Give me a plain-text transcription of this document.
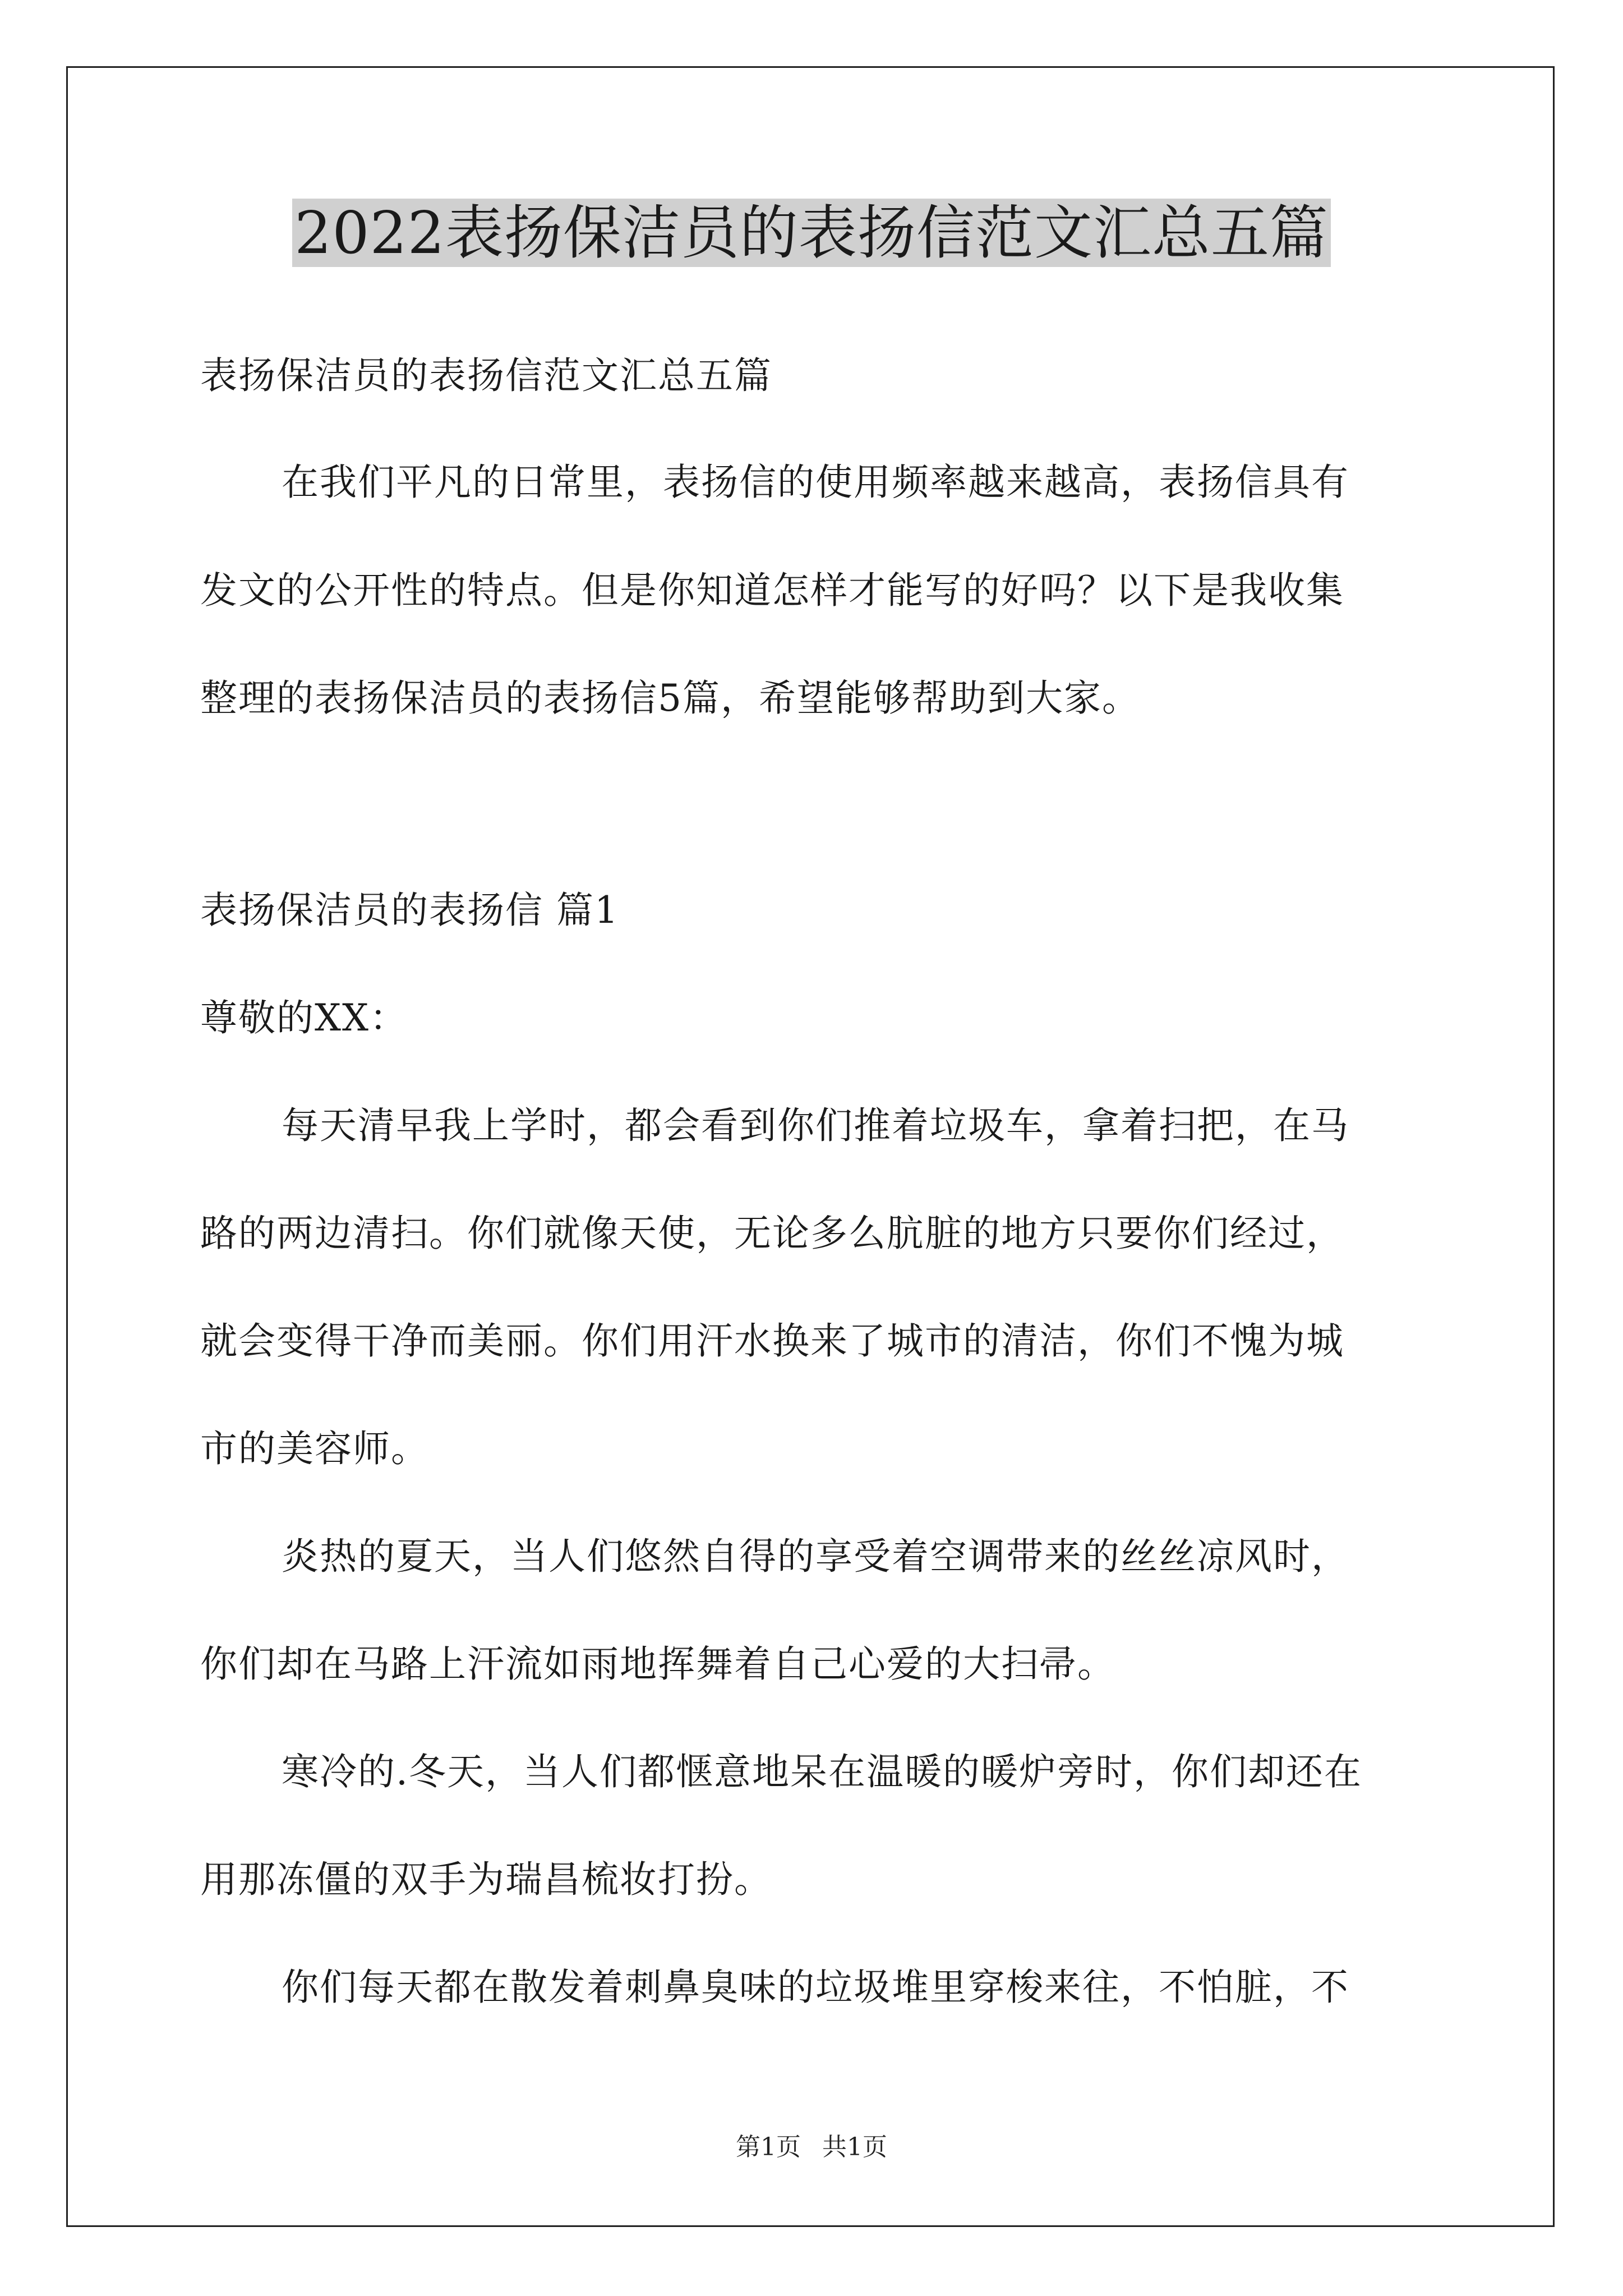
2022表扬保洁员的表扬信范文汇总五篇
表扬保洁员的表扬信范文汇总五篇
在我们平凡的日常里，表扬信的使用频率越来越高，表扬信具有
发文的公开性的特点。但是你知道怎样才能写的好吗？以下是我收集
整理的表扬保洁员的表扬信5篇，希望能够帮助到大家。
表扬保洁员的表扬信 篇1
尊敬的XX：
每天清早我上学时，都会看到你们推着垃圾车，拿着扫把，在马
路的两边清扫。你们就像天使，无论多么肮脏的地方只要你们经过，
就会变得干净而美丽。你们用汗水换来了城市的清洁，你们不愧为城
市的美容师。
炎热的夏天，当人们悠然自得的享受着空调带来的丝丝凉风时，
你们却在马路上汗流如雨地挥舞着自己心爱的大扫帚。
寒冷的.冬天，当人们都惬意地呆在温暖的暖炉旁时，你们却还在
用那冻僵的双手为瑞昌梳妆打扮。
你们每天都在散发着刺鼻臭味的垃圾堆里穿梭来往，不怕脏，不
第1页 共1页
